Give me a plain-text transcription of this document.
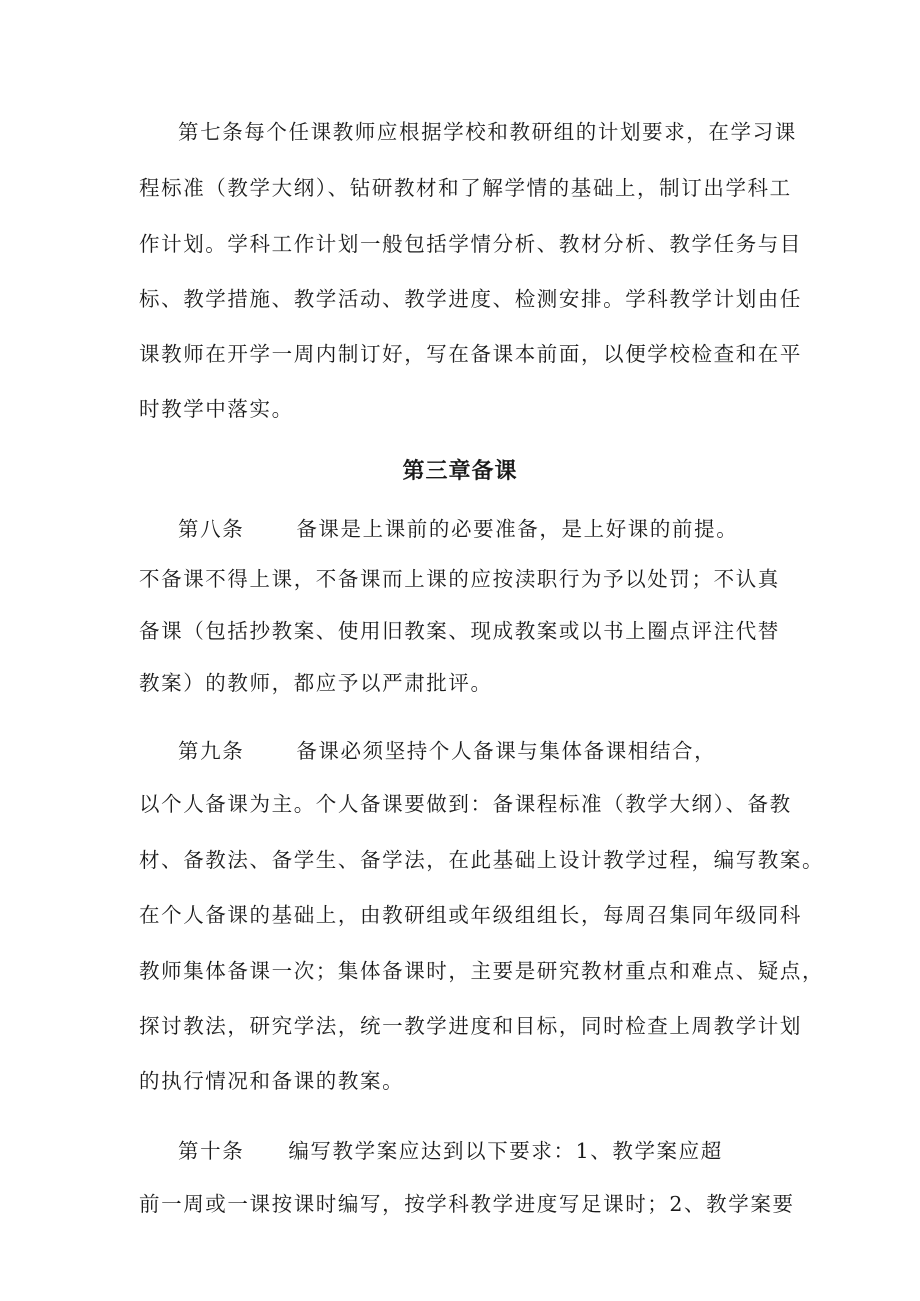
第七条每个任课教师应根据学校和教研组的计划要求，在学习课
程标准（教学大纲）、钻研教材和了解学情的基础上，制订出学科工
作计划。学科工作计划一般包括学情分析、教材分析、教学任务与目
标、教学措施、教学活动、教学进度、检测安排。学科教学计划由任
课教师在开学一周内制订好，写在备课本前面，以便学校检查和在平
时教学中落实。
第三章备课
第八条	备课是上课前的必要准备，是上好课的前提。
不备课不得上课，不备课而上课的应按渎职行为予以处罚；不认真
备课（包括抄教案、使用旧教案、现成教案或以书上圈点评注代替
教案）的教师，都应予以严肃批评。
第九条	备课必须坚持个人备课与集体备课相结合，
以个人备课为主。个人备课要做到：备课程标准（教学大纲）、备教
材、备教法、备学生、备学法，在此基础上设计教学过程，编写教案。
在个人备课的基础上，由教研组或年级组组长，每周召集同年级同科
教师集体备课一次；集体备课时，主要是研究教材重点和难点、疑点，
探讨教法，研究学法，统一教学进度和目标，同时检查上周教学计划
的执行情况和备课的教案。
第十条 编写教学案应达到以下要求：1、教学案应超
前一周或一课按课时编写，按学科教学进度写足课时；2、教学案要
